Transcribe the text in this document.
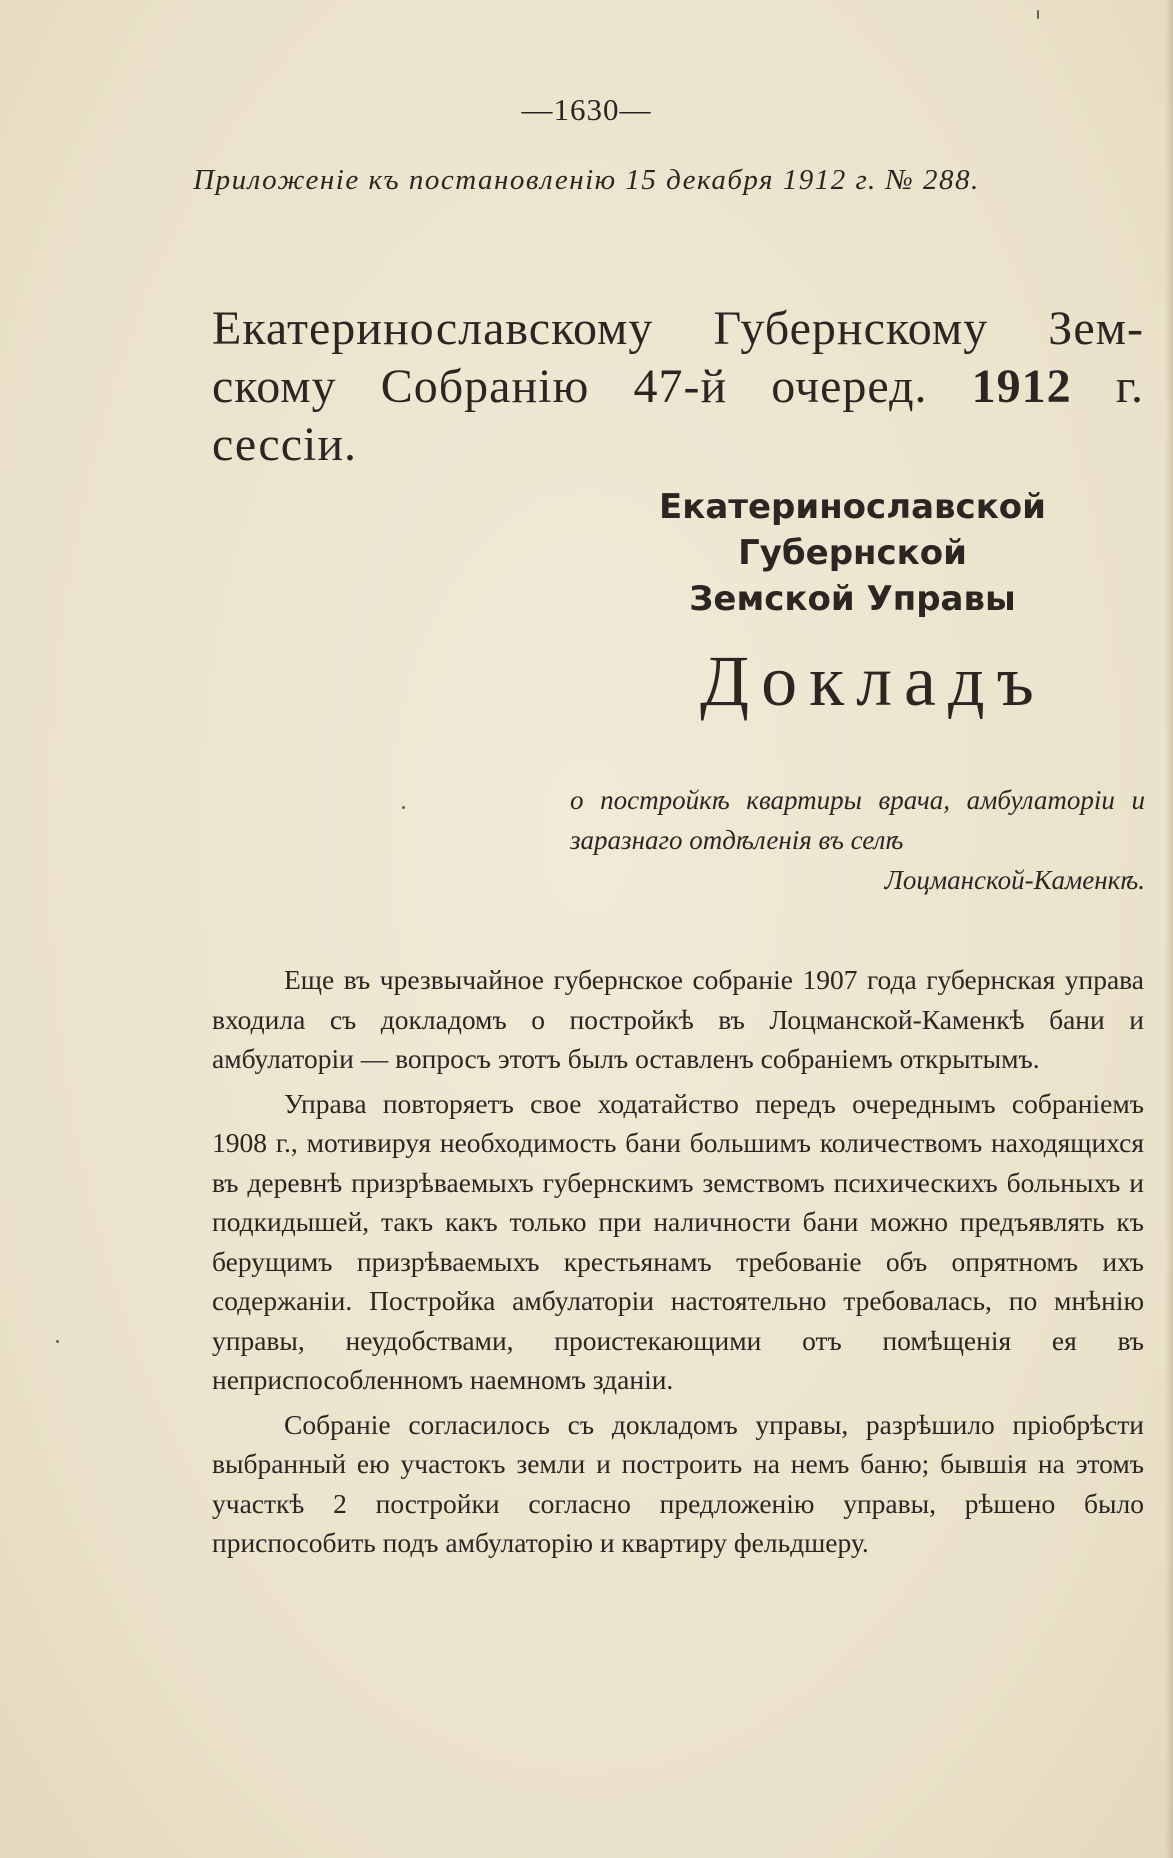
—1630—
Приложеніе къ постановленію 15 декабря 1912 г. № 288.
Екатеринославскому Губернскому Зем-
скому Собранію 47-й очеред. 1912 г. сессіи.
Екатеринославской Губернской
Земской Управы
Докладъ
о постройкѣ квартиры врача, амбулаторіи и заразнаго отдѣленія въ селѣ
Лоцманской-Каменкѣ.

Еще въ чрезвычайное губернское собраніе 1907 года губернская управа входила съ докладомъ о постройкѣ въ Лоцманской-Каменкѣ бани и амбулаторіи — вопросъ этотъ былъ оставленъ собраніемъ открытымъ.

Управа повторяетъ свое ходатайство передъ очереднымъ собраніемъ 1908 г., мотивируя необходимость бани большимъ количествомъ находящихся въ деревнѣ призрѣваемыхъ губернскимъ земствомъ психическихъ больныхъ и подкидышей, такъ какъ только при наличности бани можно предъявлять къ берущимъ призрѣваемыхъ крестьянамъ требованіе объ опрятномъ ихъ содержаніи. Постройка амбулаторіи настоятельно требовалась, по мнѣнію управы, неудобствами, проистекающими отъ помѣщенія ея въ неприспособленномъ наемномъ зданіи.

Собраніе согласилось съ докладомъ управы, разрѣшило пріобрѣсти выбранный ею участокъ земли и построить на немъ баню; бывшія на этомъ участкѣ 2 постройки согласно предложенію управы, рѣшено было приспособить подъ амбулаторію и квартиру фельдшеру.
